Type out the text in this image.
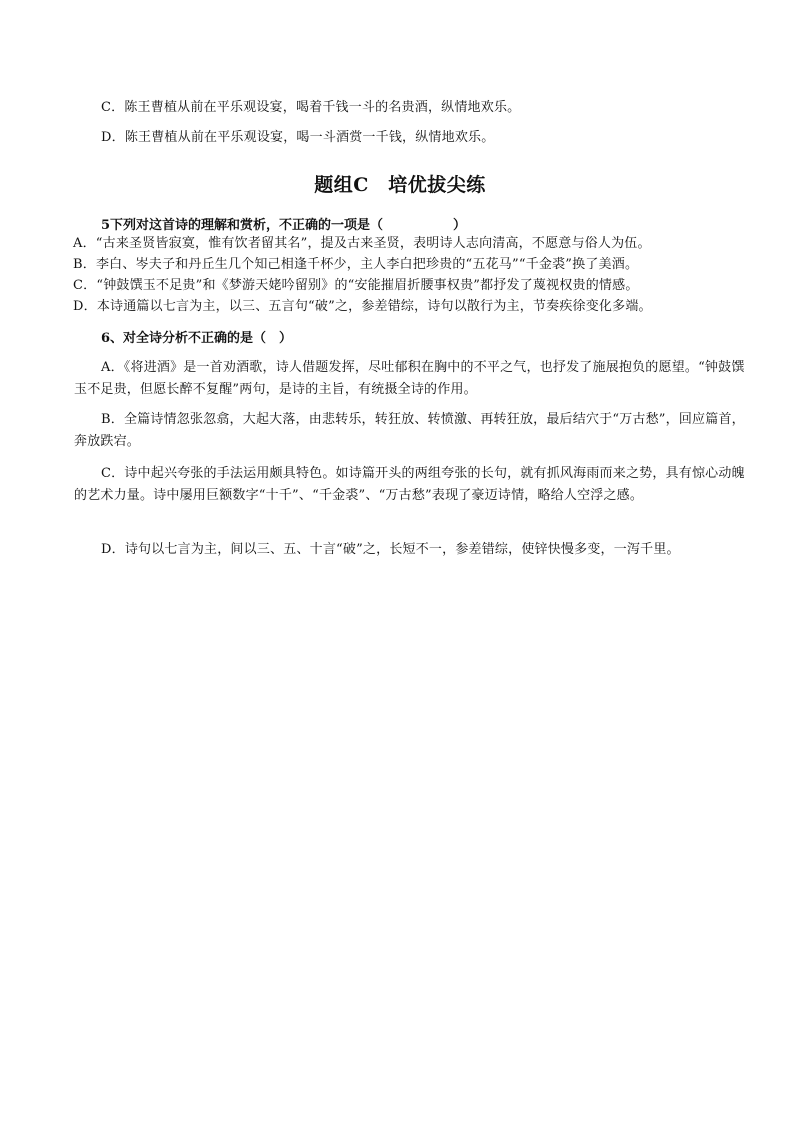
C．陈王曹植从前在平乐观设宴，喝着千钱一斗的名贵酒，纵情地欢乐。
D．陈王曹植从前在平乐观设宴，喝一斗酒赏一千钱，纵情地欢乐。
题组C　培优拔尖练
5下列对这首诗的理解和赏析，不正确的一项是（	）
A．“古来圣贤皆寂寞，惟有饮者留其名”，提及古来圣贤，表明诗人志向清高，不愿意与俗人为伍。
B．李白、岑夫子和丹丘生几个知己相逢千杯少，主人李白把珍贵的“五花马”“千金裘”换了美酒。
C．“钟鼓馔玉不足贵”和《梦游天姥吟留别》的“安能摧眉折腰事权贵”都抒发了蔑视权贵的情感。
D．本诗通篇以七言为主，以三、五言句“破”之，参差错综，诗句以散行为主，节奏疾徐变化多端。
6、对全诗分析不正确的是（　）
A．《将进酒》是一首劝酒歌，诗人借题发挥，尽吐郁积在胸中的不平之气，也抒发了施展抱负的愿望。“钟鼓馔玉不足贵，但愿长醉不复醒”两句，是诗的主旨，有统摄全诗的作用。
B．全篇诗情忽张忽翕，大起大落，由悲转乐，转狂放、转愤激、再转狂放，最后结穴于“万古愁”，回应篇首，奔放跌宕。
C．诗中起兴夸张的手法运用颇具特色。如诗篇开头的两组夸张的长句，就有抓风海雨而来之势，具有惊心动魄的艺术力量。诗中屡用巨额数字“十千”、“千金裘”、“万古愁”表现了豪迈诗情，略给人空浮之感。
D．诗句以七言为主，间以三、五、十言“破”之，长短不一，参差错综，使锌快慢多变，一泻千里。
